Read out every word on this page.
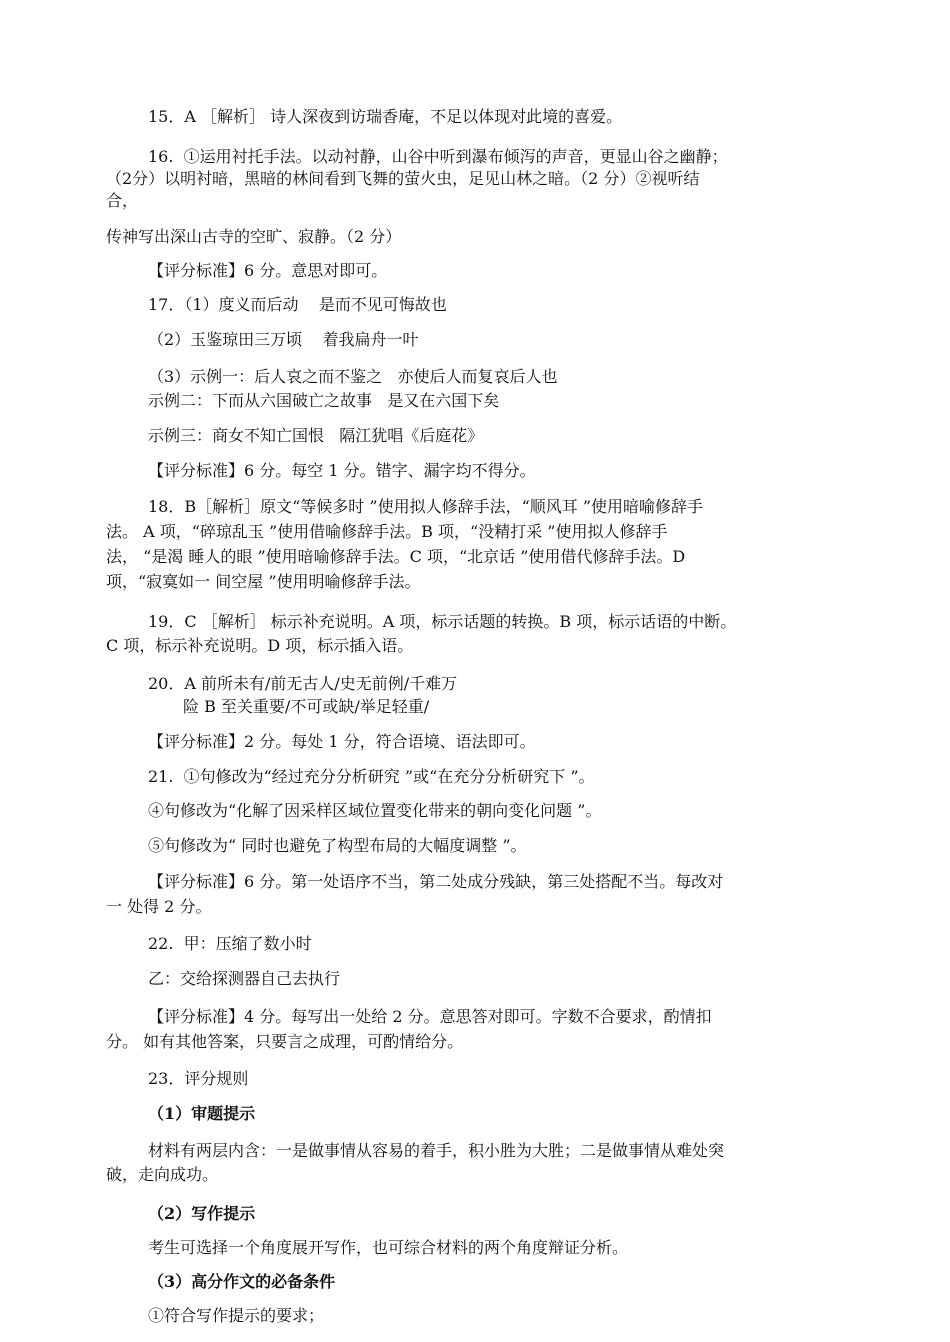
15．A ［解析］ 诗人深夜到访瑞香庵，不足以体现对此境的喜爱。
16.  ①运用衬托手法。以动衬静，山谷中听到瀑布倾泻的声音，更显山谷之幽静；
（2分）以明衬暗，黑暗的林间看到飞舞的萤火虫，足见山林之暗。（2 分）②视听结
合，
传神写出深山古寺的空旷、寂静。（2 分）
【评分标准】6 分。意思对即可。
17．（1）度义而后动    是而不见可悔故也
（2）玉鉴琼田三万顷    着我扁舟一叶
（3）示例一：后人哀之而不鉴之   亦使后人而复哀后人也
示例二：下而从六国破亡之故事   是又在六国下矣
示例三：商女不知亡国恨   隔江犹唱《后庭花》
【评分标准】6 分。每空 1 分。错字、漏字均不得分。
18．B［解析］原文“等候多时 ”使用拟人修辞手法，“顺风耳 ”使用暗喻修辞手
法。 A 项，“碎琼乱玉 ”使用借喻修辞手法。B 项，“没精打采 ”使用拟人修辞手
法， “是渴 睡人的眼 ”使用暗喻修辞手法。C 项，“北京话 ”使用借代修辞手法。D
项，“寂寞如一 间空屋 ”使用明喻修辞手法。
19．C ［解析］ 标示补充说明。A 项，标示话题的转换。B 项，标示话语的中断。
C 项，标示补充说明。D 项，标示插入语。
20．A 前所未有/前无古人/史无前例/千难万
险 B 至关重要/不可或缺/举足轻重/
【评分标准】2 分。每处 1 分，符合语境、语法即可。
21.  ①句修改为“经过充分分析研究 ”或“在充分分析研究下 ”。
④句修改为“化解了因采样区域位置变化带来的朝向变化问题 ”。
⑤句修改为“ 同时也避免了构型布局的大幅度调整 ”。
【评分标准】6 分。第一处语序不当，第二处成分残缺，第三处搭配不当。每改对
一 处得 2 分。
22.  甲：压缩了数小时
乙：交给探测器自己去执行
【评分标准】4 分。每写出一处给 2 分。意思答对即可。字数不合要求，酌情扣
分。 如有其他答案，只要言之成理，可酌情给分。
23．评分规则
（1）审题提示
材料有两层内含：一是做事情从容易的着手，积小胜为大胜；二是做事情从难处突
破，走向成功。
（2）写作提示
考生可选择一个角度展开写作，也可综合材料的两个角度辩证分析。
（3）高分作文的必备条件
①符合写作提示的要求；
